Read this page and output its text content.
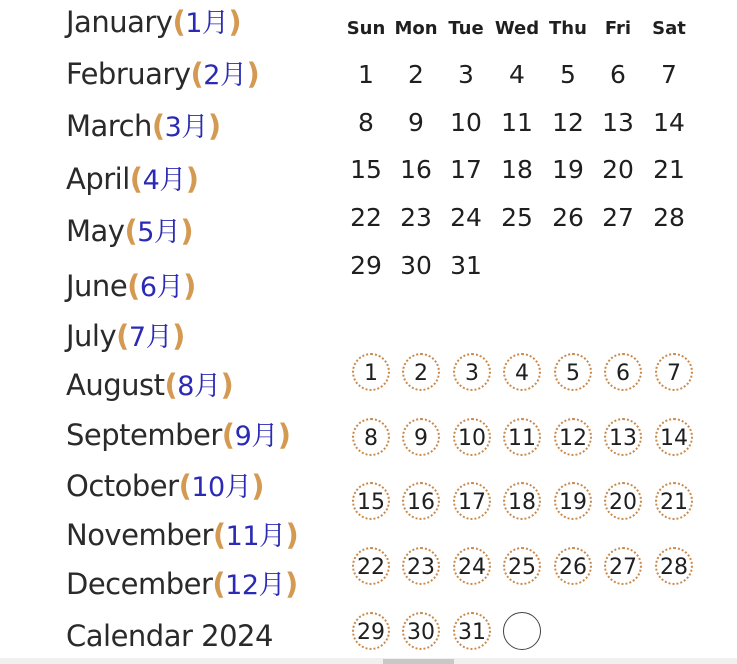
January(1月)
February(2月)
March(3月)
April(4月)
May(5月)
June(6月)
July(7月)
August(8月)
September(9月)
October(10月)
November(11月)
December(12月)
Calendar 2024
Sun Mon Tue Wed Thu Fri	Sat
1	2	3	4	5	6	7
8	9	10 11 12 13 14
15 16 17 18 19 20 21
22 23 24 25 26 27 28
29 30 31
1	2	3	4	5	6	7
8	9	10 11 12 13 14
15 16 17 18 19 20 21
22 23 24 25 26 27 28
29 30 31
